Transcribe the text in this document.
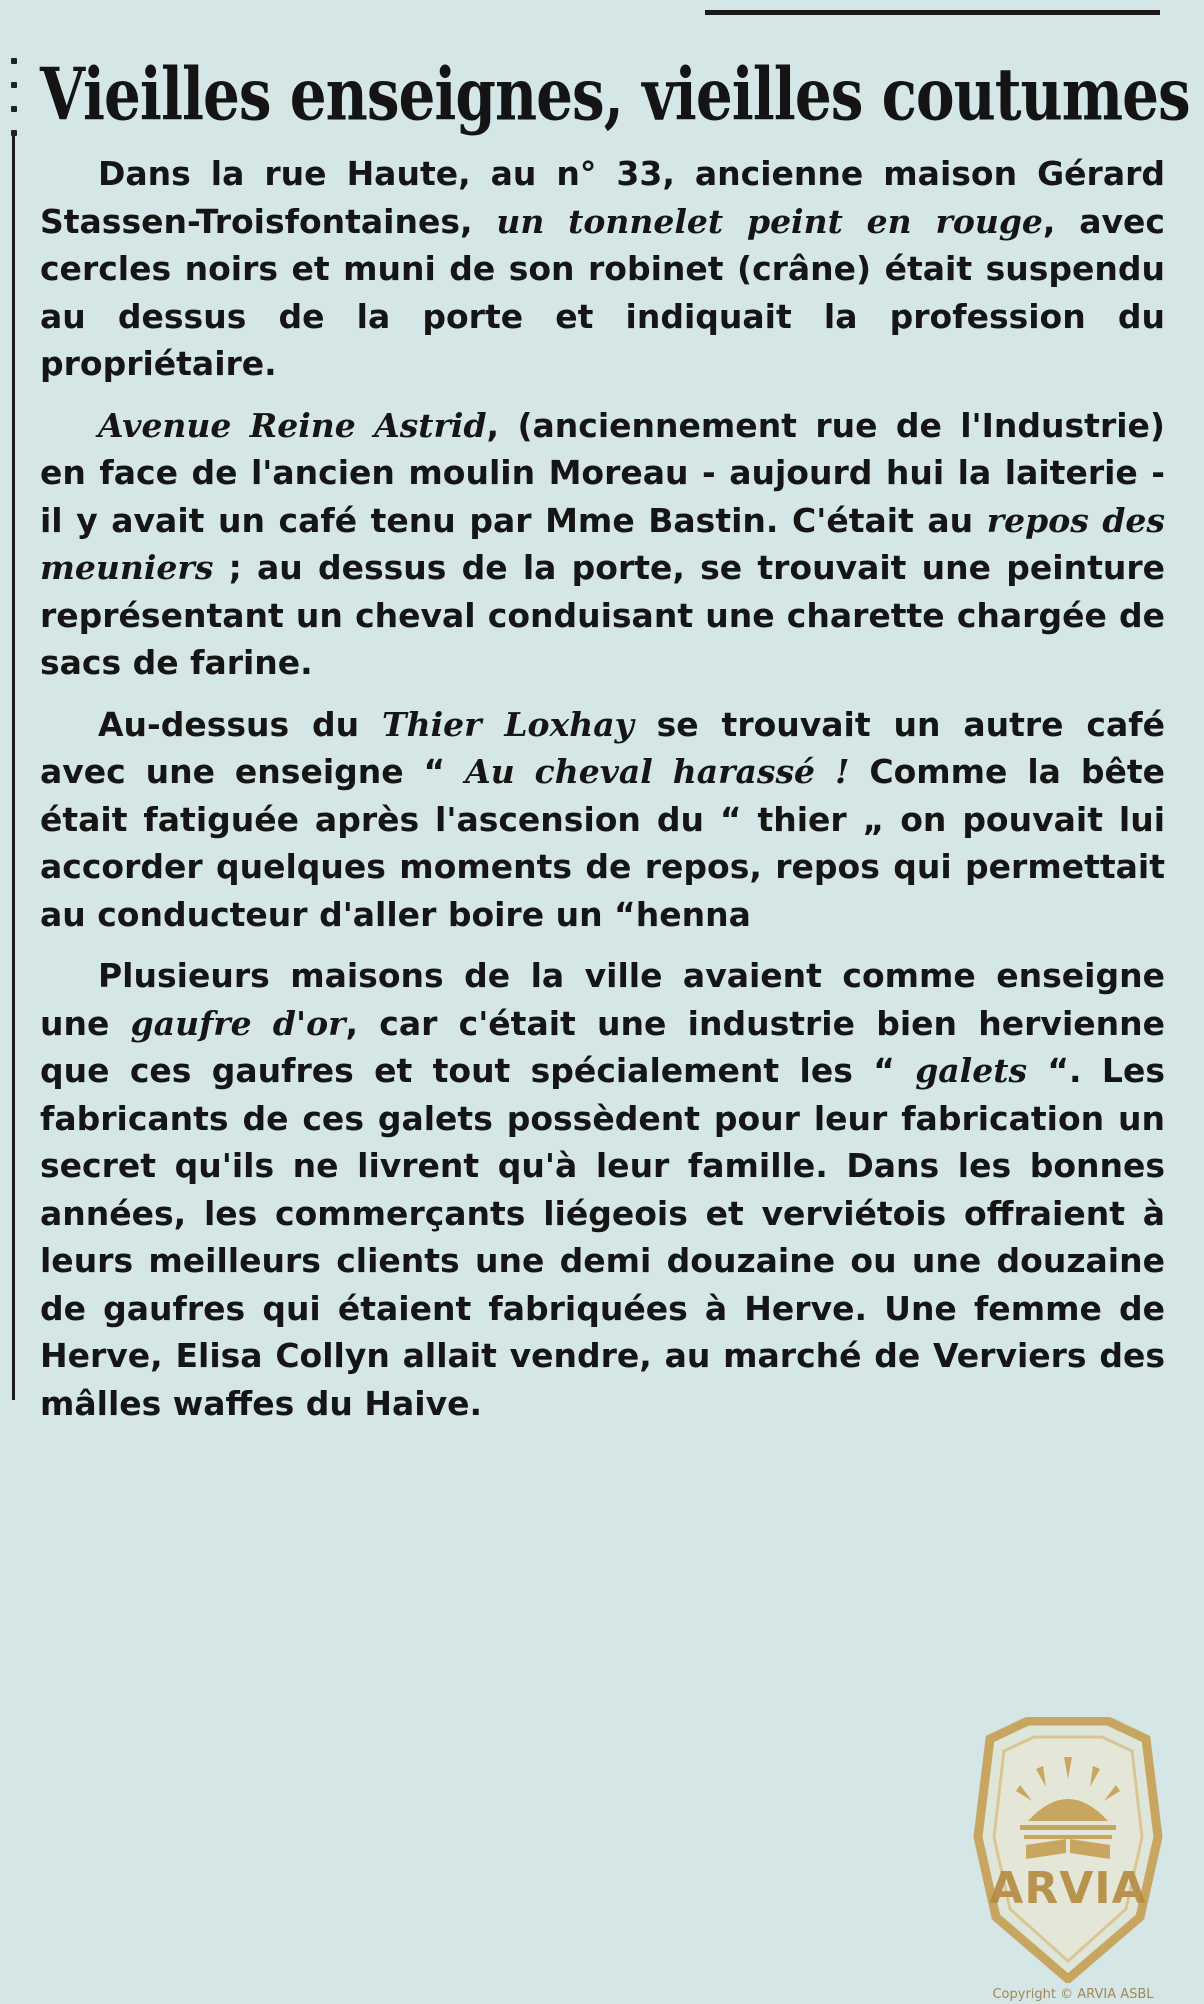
Vieilles enseignes, vieilles coutumes

Dans la rue Haute, au n° 33, ancienne maison Gérard Stassen-Troisfontaines, un tonnelet peint en rouge, avec cercles noirs et muni de son robinet (crâne) était suspendu au dessus de la porte et indiquait la profession du propriétaire.

Avenue Reine Astrid, (anciennement rue de l'Industrie) en face de l'ancien moulin Moreau - aujourd hui la laiterie - il y avait un café tenu par Mme Bastin. C'était au repos des meuniers ; au dessus de la porte, se trouvait une peinture représentant un cheval conduisant une charette chargée de sacs de farine.

Au-dessus du Thier Loxhay se trouvait un autre café avec une enseigne “ Au cheval harassé ! Comme la bête était fatiguée après l'ascension du “ thier „ on pouvait lui accorder quelques moments de repos, repos qui permettait au conducteur d'aller boire un “henna

Plusieurs maisons de la ville avaient comme enseigne une gaufre d'or, car c'était une industrie bien hervienne que ces gaufres et tout spécialement les “ galets “. Les fabricants de ces galets possèdent pour leur fabrication un secret qu'ils ne livrent qu'à leur famille. Dans les bonnes années, les commerçants liégeois et verviétois offraient à leurs meilleurs clients une demi douzaine ou une douzaine de gaufres qui étaient fabriquées à Herve. Une femme de Herve, Elisa Collyn allait vendre, au marché de Verviers des mâlles waffes du Haive.

ARVIA
Copyright © ARVIA ASBL
